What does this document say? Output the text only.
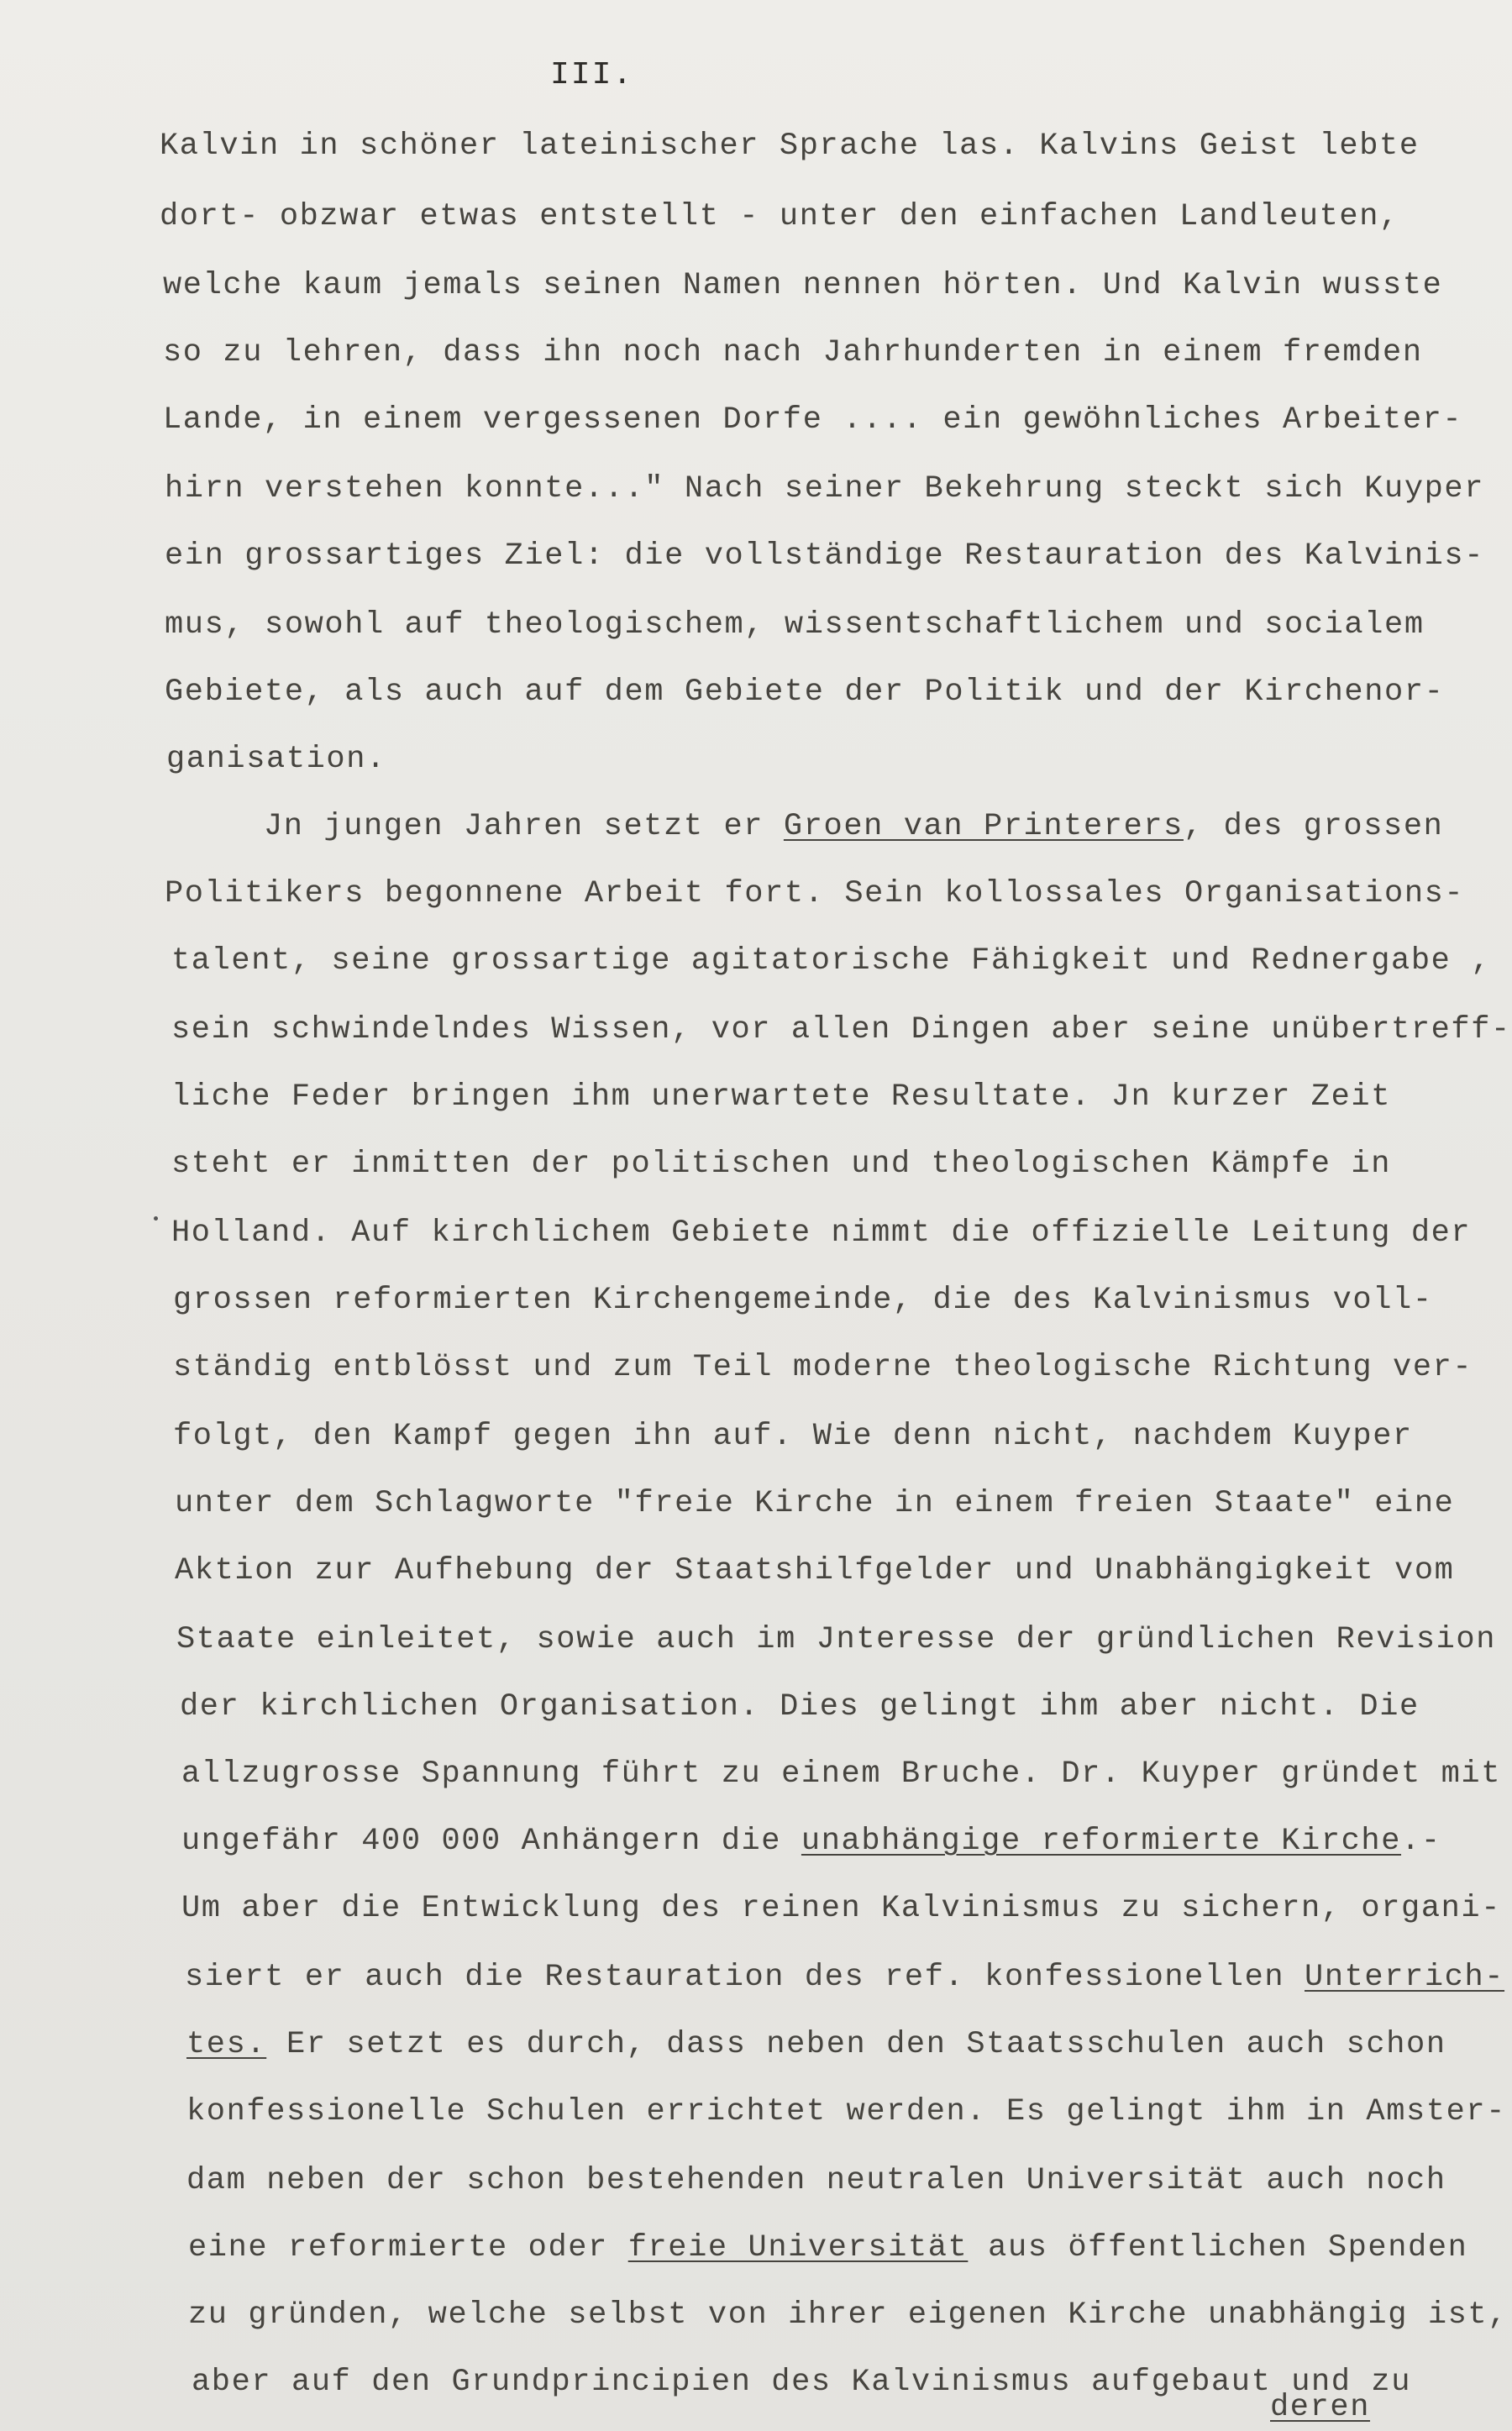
III.
Kalvin in schöner lateinischer Sprache las. Kalvins Geist lebte
dort- obzwar etwas entstellt - unter den einfachen Landleuten,
welche kaum jemals seinen Namen nennen hörten. Und Kalvin wusste
so zu lehren, dass ihn noch nach Jahrhunderten in einem fremden
Lande, in einem vergessenen Dorfe .... ein gewöhnliches Arbeiter-
hirn verstehen konnte..." Nach seiner Bekehrung steckt sich Kuyper
ein grossartiges Ziel: die vollständige Restauration des Kalvinis-
mus, sowohl auf theologischem, wissentschaftlichem und socialem
Gebiete, als auch auf dem Gebiete der Politik und der Kirchenor-
ganisation.
Jn jungen Jahren setzt er Groen van Printerers, des grossen
Politikers begonnene Arbeit fort. Sein kollossales Organisations-
talent, seine grossartige agitatorische Fähigkeit und Rednergabe ,
sein schwindelndes Wissen, vor allen Dingen aber seine unübertreff-
liche Feder bringen ihm unerwartete Resultate. Jn kurzer Zeit
steht er inmitten der politischen und theologischen Kämpfe in
Holland. Auf kirchlichem Gebiete nimmt die offizielle Leitung der
grossen reformierten Kirchengemeinde, die des Kalvinismus voll-
ständig entblösst und zum Teil moderne theologische Richtung ver-
folgt, den Kampf gegen ihn auf. Wie denn nicht, nachdem Kuyper
unter dem Schlagworte "freie Kirche in einem freien Staate" eine
Aktion zur Aufhebung der Staatshilfgelder und Unabhängigkeit vom
Staate einleitet, sowie auch im Jnteresse der gründlichen Revision
der kirchlichen Organisation. Dies gelingt ihm aber nicht. Die
allzugrosse Spannung führt zu einem Bruche. Dr. Kuyper gründet mit
ungefähr 400 000 Anhängern die unabhängige reformierte Kirche.-
Um aber die Entwicklung des reinen Kalvinismus zu sichern, organi-
siert er auch die Restauration des ref. konfessionellen Unterrich-
tes. Er setzt es durch, dass neben den Staatsschulen auch schon
konfessionelle Schulen errichtet werden. Es gelingt ihm in Amster-
dam neben der schon bestehenden neutralen Universität auch noch
eine reformierte oder freie Universität aus öffentlichen Spenden
zu gründen, welche selbst von ihrer eigenen Kirche unabhängig ist,
aber auf den Grundprincipien des Kalvinismus aufgebaut und zu
deren
